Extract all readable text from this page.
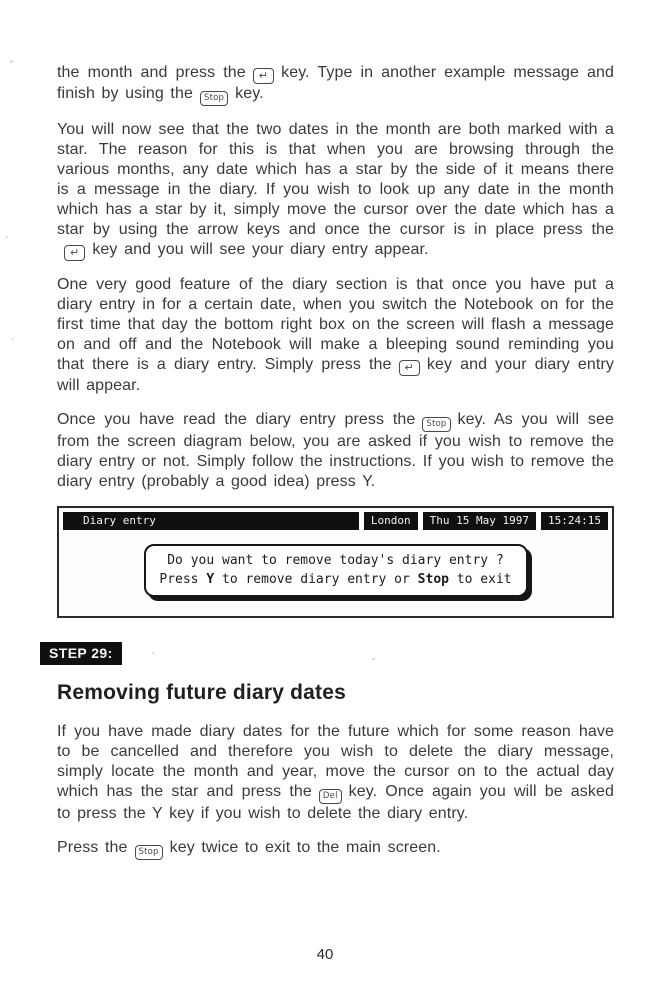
the month and press the ↵ key. Type in another example message and finish by using the Stop key.

You will now see that the two dates in the month are both marked with a star. The reason for this is that when you are browsing through the various months, any date which has a star by the side of it means there is a message in the diary. If you wish to look up any date in the month which has a star by it, simply move the cursor over the date which has a star by using the arrow keys and once the cursor is in place press the↵ key and you will see your diary entry appear.

One very good feature of the diary section is that once you have put a diary entry in for a certain date, when you switch the Notebook on for the first time that day the bottom right box on the screen will flash a message on and off and the Notebook will make a bleeping sound reminding you that there is a diary entry. Simply press the ↵ key and your diary entry will appear.

Once you have read the diary entry press the Stop key. As you will see from the screen diagram below, you are asked if you wish to remove the diary entry or not. Simply follow the instructions. If you wish to remove the diary entry (probably a good idea) press Y.

Diary entry	London	Thu 15 May 1997	15:24:15
Do you want to remove today's diary entry ?
Press Y to remove diary entry or Stop to exit
STEP 29:
Removing future diary dates

If you have made diary dates for the future which for some reason have to be cancelled and therefore you wish to delete the diary message, simply locate the month and year, move the cursor on to the actual day which has the star and press the Del key. Once again you will be asked to press the Y key if you wish to delete the diary entry.

Press the Stop key twice to exit to the main screen.

40
